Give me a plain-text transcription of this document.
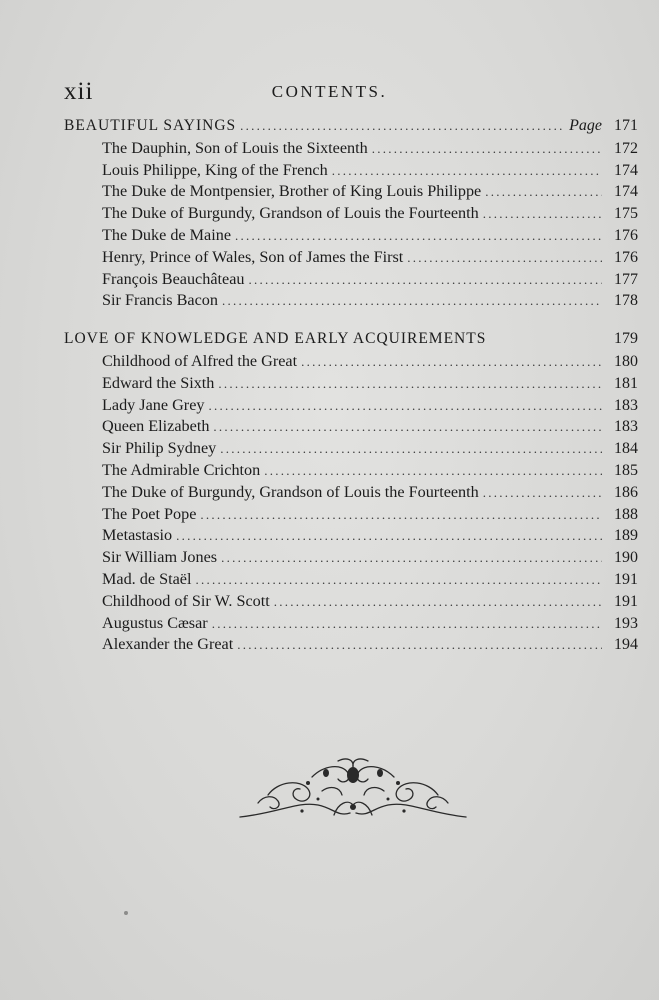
xii	CONTENTS.
BEAUTIFUL SAYINGS . . .	Page 171
The Dauphin, Son of Louis the Sixteenth . . .	172
Louis Philippe, King of the French . . .	174
The Duke de Montpensier, Brother of King Louis Philippe . . .	174
The Duke of Burgundy, Grandson of Louis the Fourteenth . . .	175
The Duke de Maine . . .	176
Henry, Prince of Wales, Son of James the First . . .	176
François Beauchâteau . . .	177
Sir Francis Bacon . . .	178
LOVE OF KNOWLEDGE AND EARLY ACQUIREMENTS	179
Childhood of Alfred the Great . . .	180
Edward the Sixth . . .	181
Lady Jane Grey . . .	183
Queen Elizabeth . . .	183
Sir Philip Sydney . . .	184
The Admirable Crichton . . .	185
The Duke of Burgundy, Grandson of Louis the Fourteenth . . .	186
The Poet Pope . . .	188
Metastasio . . .	189
Sir William Jones . . .	190
Mad. de Staël . . .	191
Childhood of Sir W. Scott . . .	191
Augustus Cæsar . . .	193
Alexander the Great . . .	194
